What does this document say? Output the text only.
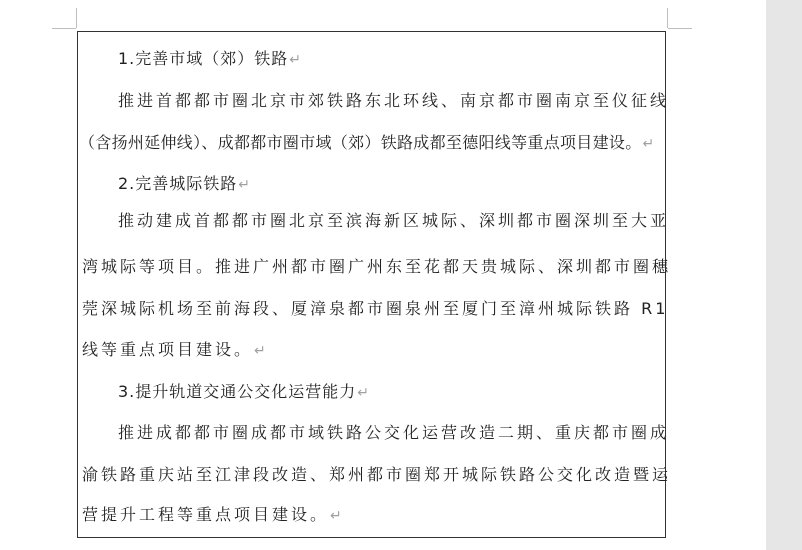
1.完善市域（郊）铁路↵
推进首都都市圈北京市郊铁路东北环线、南京都市圈南京至仪征线
（含扬州延伸线）、成都都市圈市域（郊）铁路成都至德阳线等重点项目建设。↵
2.完善城际铁路↵
推动建成首都都市圈北京至滨海新区城际、深圳都市圈深圳至大亚
湾城际等项目。推进广州都市圈广州东至花都天贵城际、深圳都市圈穗
莞深城际机场至前海段、厦漳泉都市圈泉州至厦门至漳州城际铁路 R1
线等重点项目建设。↵
3.提升轨道交通公交化运营能力↵
推进成都都市圈成都市域铁路公交化运营改造二期、重庆都市圈成
渝铁路重庆站至江津段改造、郑州都市圈郑开城际铁路公交化改造暨运
营提升工程等重点项目建设。↵
